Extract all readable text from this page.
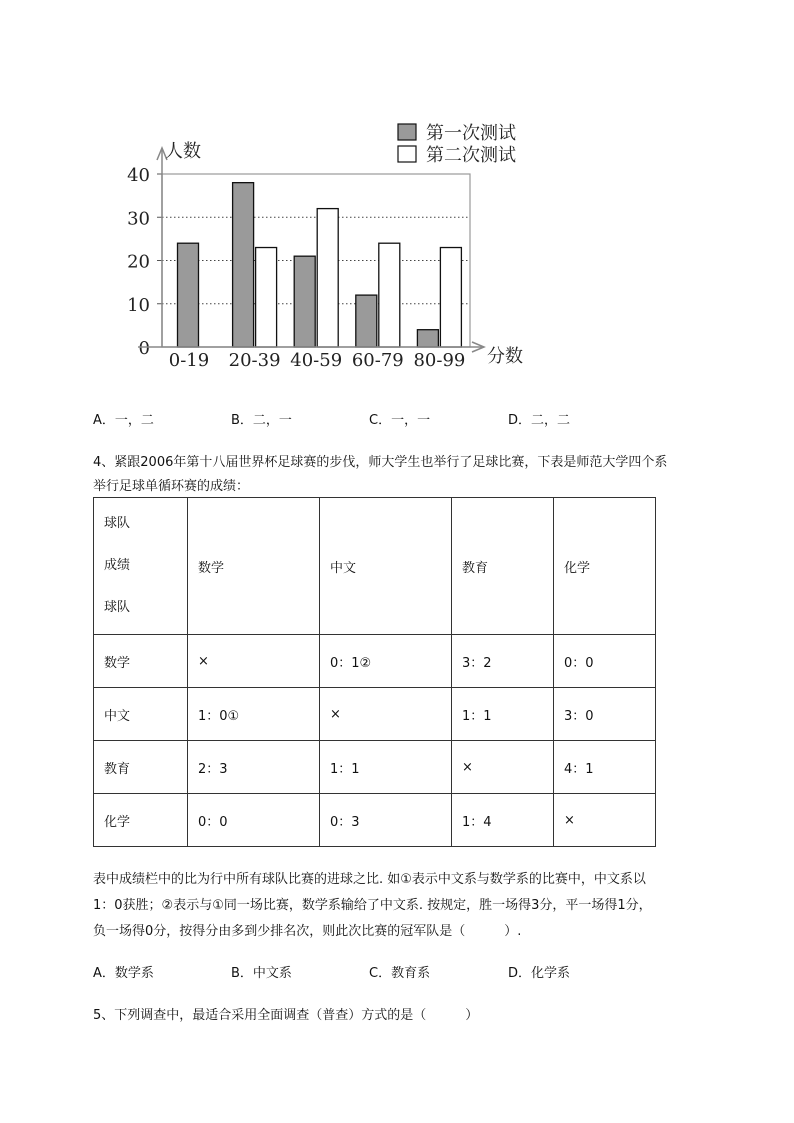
0
10
20
30
40
人数
0-19 20-39 40-59 60-79 80-99 分数
第一次测试
第二次测试
A．一，二	B．二，一	C．一，一	D．二，二
4、紧跟2006年第十八届世界杯足球赛的步伐，师大学生也举行了足球比赛，下表是师范大学四个系
举行足球单循环赛的成绩：
球队
成绩
球队	数学	中文	教育	化学
数学	×	0：1②	3：2	0：0
中文	1：0①	×	1：1	3：0
教育	2：3	1：1	×	4：1
化学	0：0	0：3	1：4	×
表中成绩栏中的比为行中所有球队比赛的进球之比. 如①表示中文系与数学系的比赛中，中文系以
1：0获胜；②表示与①同一场比赛，数学系输给了中文系. 按规定，胜一场得3分，平一场得1分，
负一场得0分，按得分由多到少排名次，则此次比赛的冠军队是（　　　）.
A．数学系	B．中文系	C．教育系	D．化学系
5、下列调查中，最适合采用全面调查（普查）方式的是（　　　）
